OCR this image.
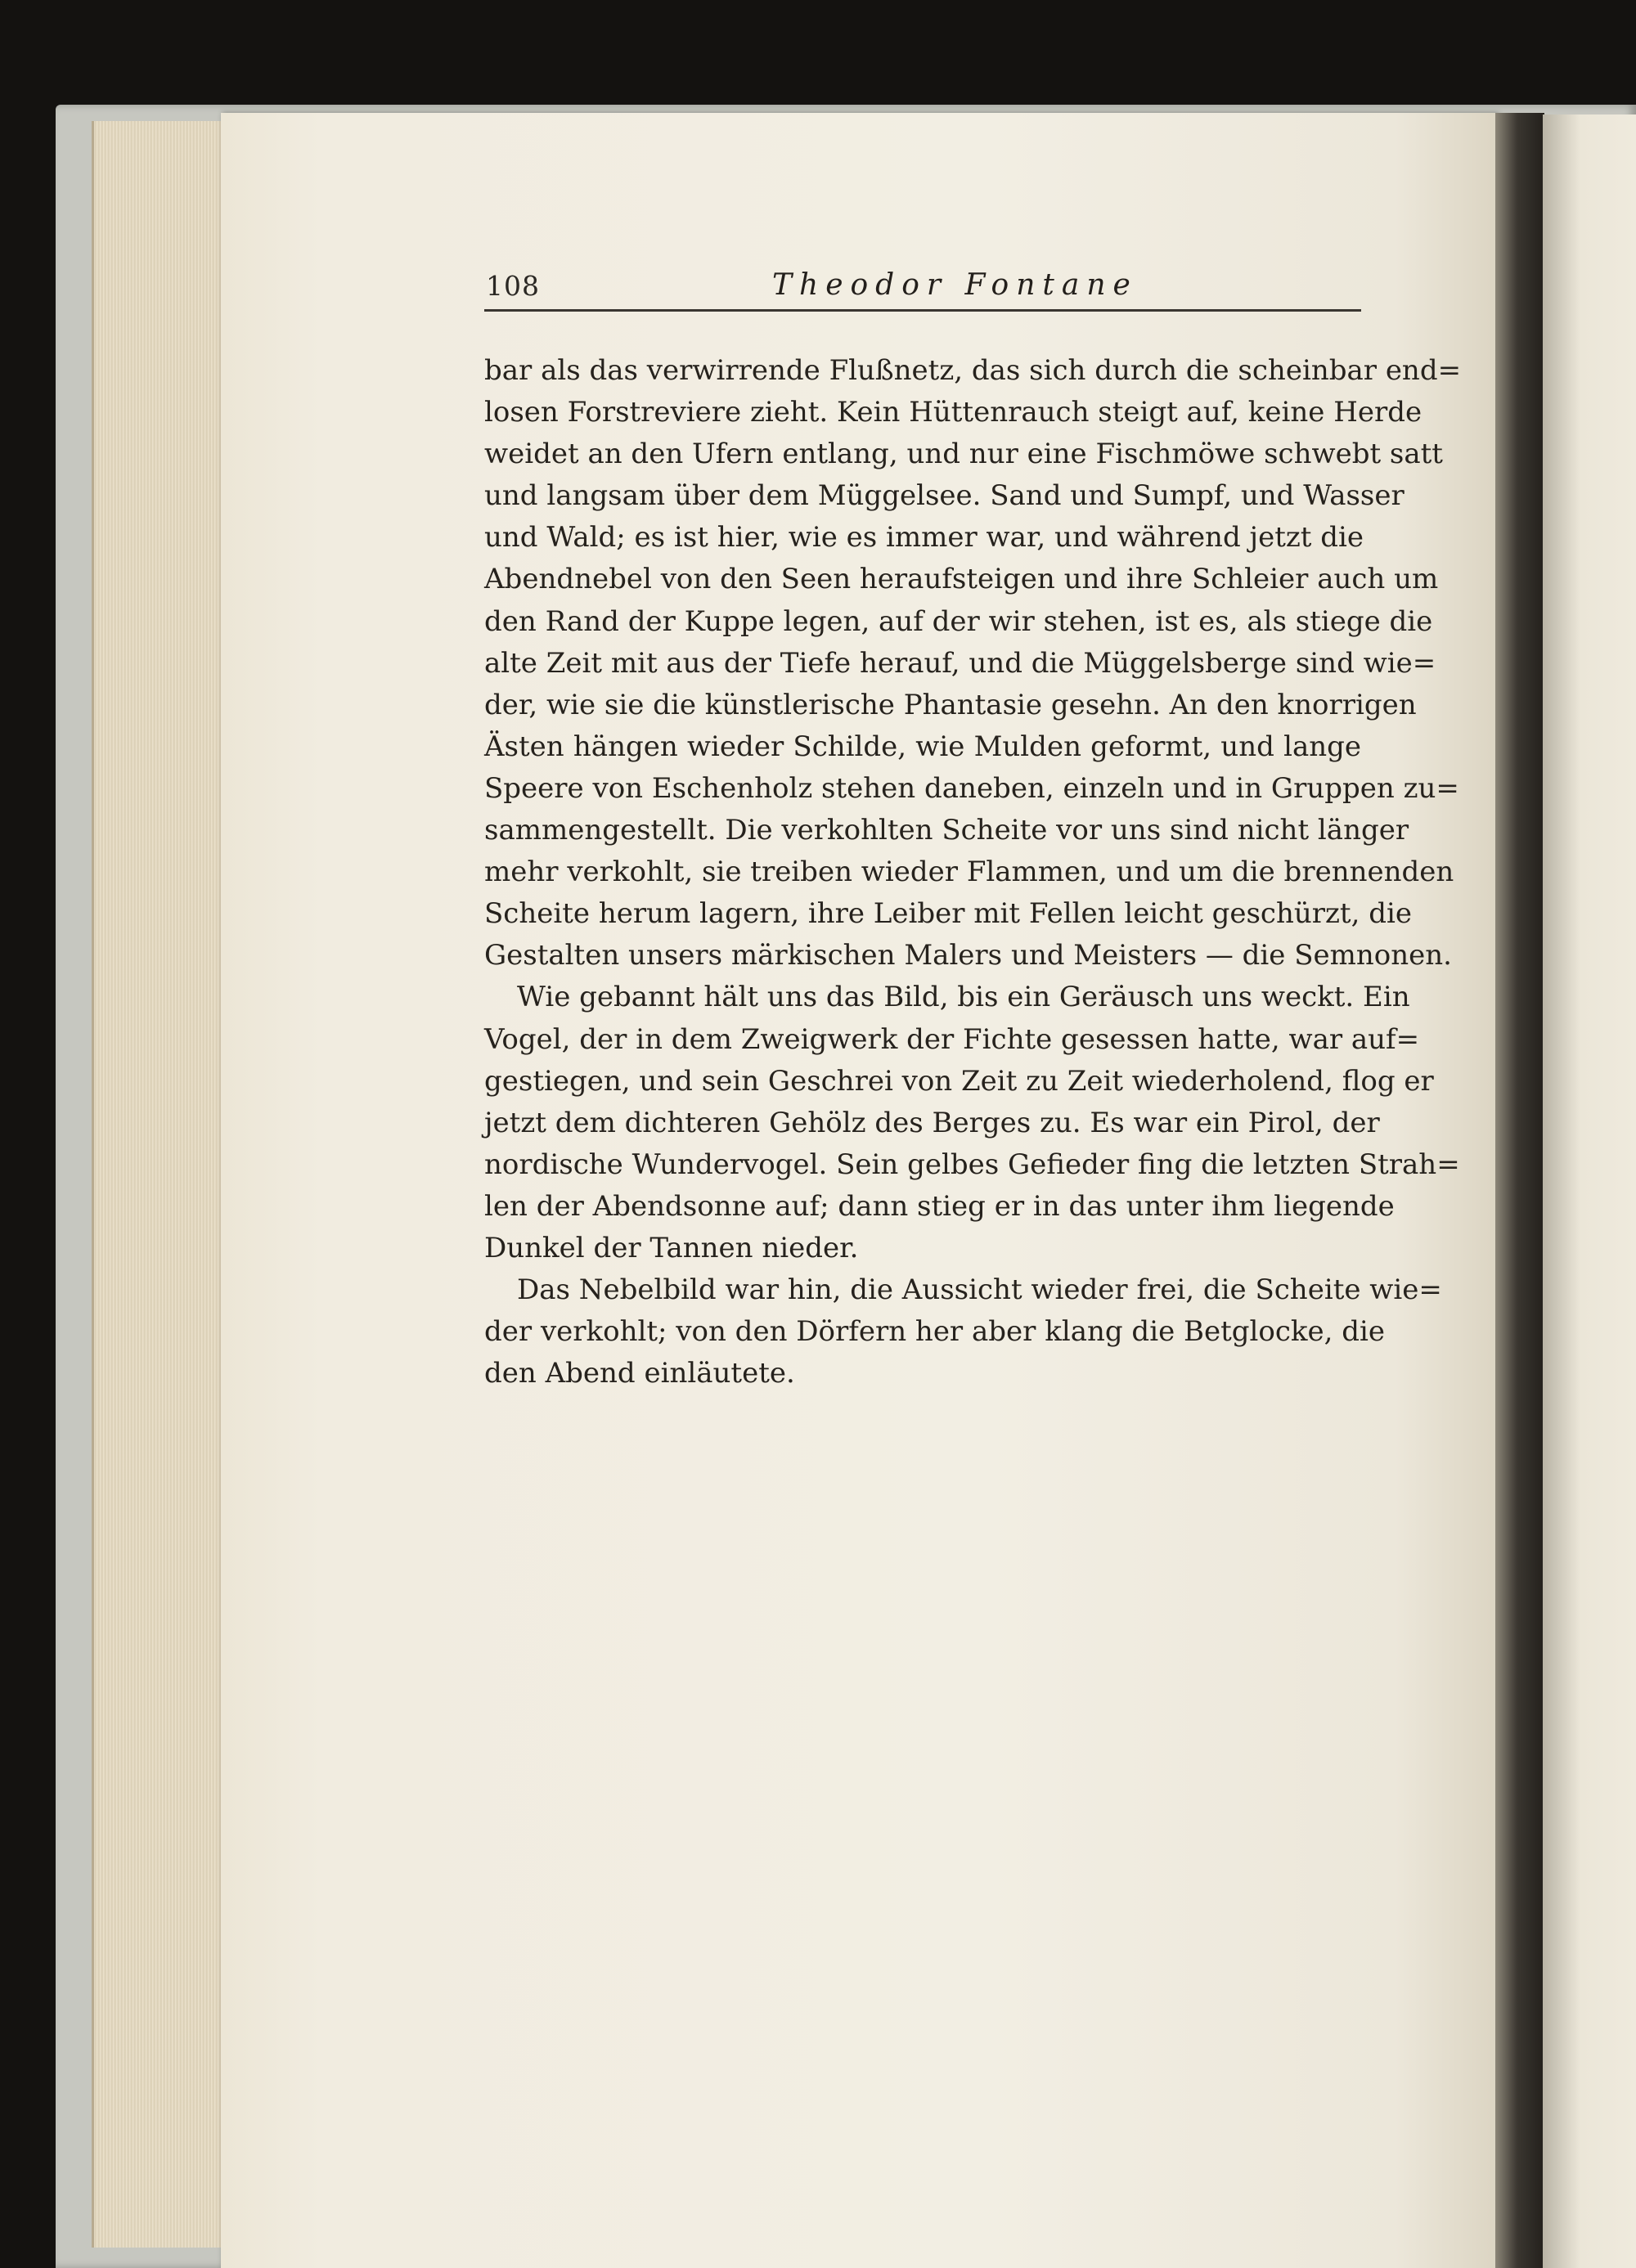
108	Theodor Fontane
bar als das verwirrende Flußnetz, das sich durch die scheinbar end=
losen Forstreviere zieht. Kein Hüttenrauch steigt auf, keine Herde
weidet an den Ufern entlang, und nur eine Fischmöwe schwebt satt
und langsam über dem Müggelsee. Sand und Sumpf, und Wasser
und Wald; es ist hier, wie es immer war, und während jetzt die
Abendnebel von den Seen heraufsteigen und ihre Schleier auch um
den Rand der Kuppe legen, auf der wir stehen, ist es, als stiege die
alte Zeit mit aus der Tiefe herauf, und die Müggelsberge sind wie=
der, wie sie die künstlerische Phantasie gesehn. An den knorrigen
Ästen hängen wieder Schilde, wie Mulden geformt, und lange
Speere von Eschenholz stehen daneben, einzeln und in Gruppen zu=
sammengestellt. Die verkohlten Scheite vor uns sind nicht länger
mehr verkohlt, sie treiben wieder Flammen, und um die brennenden
Scheite herum lagern, ihre Leiber mit Fellen leicht geschürzt, die
Gestalten unsers märkischen Malers und Meisters — die Semnonen.
Wie gebannt hält uns das Bild, bis ein Geräusch uns weckt. Ein
Vogel, der in dem Zweigwerk der Fichte gesessen hatte, war auf=
gestiegen, und sein Geschrei von Zeit zu Zeit wiederholend, flog er
jetzt dem dichteren Gehölz des Berges zu. Es war ein Pirol, der
nordische Wundervogel. Sein gelbes Gefieder fing die letzten Strah=
len der Abendsonne auf; dann stieg er in das unter ihm liegende
Dunkel der Tannen nieder.
Das Nebelbild war hin, die Aussicht wieder frei, die Scheite wie=
der verkohlt; von den Dörfern her aber klang die Betglocke, die
den Abend einläutete.
